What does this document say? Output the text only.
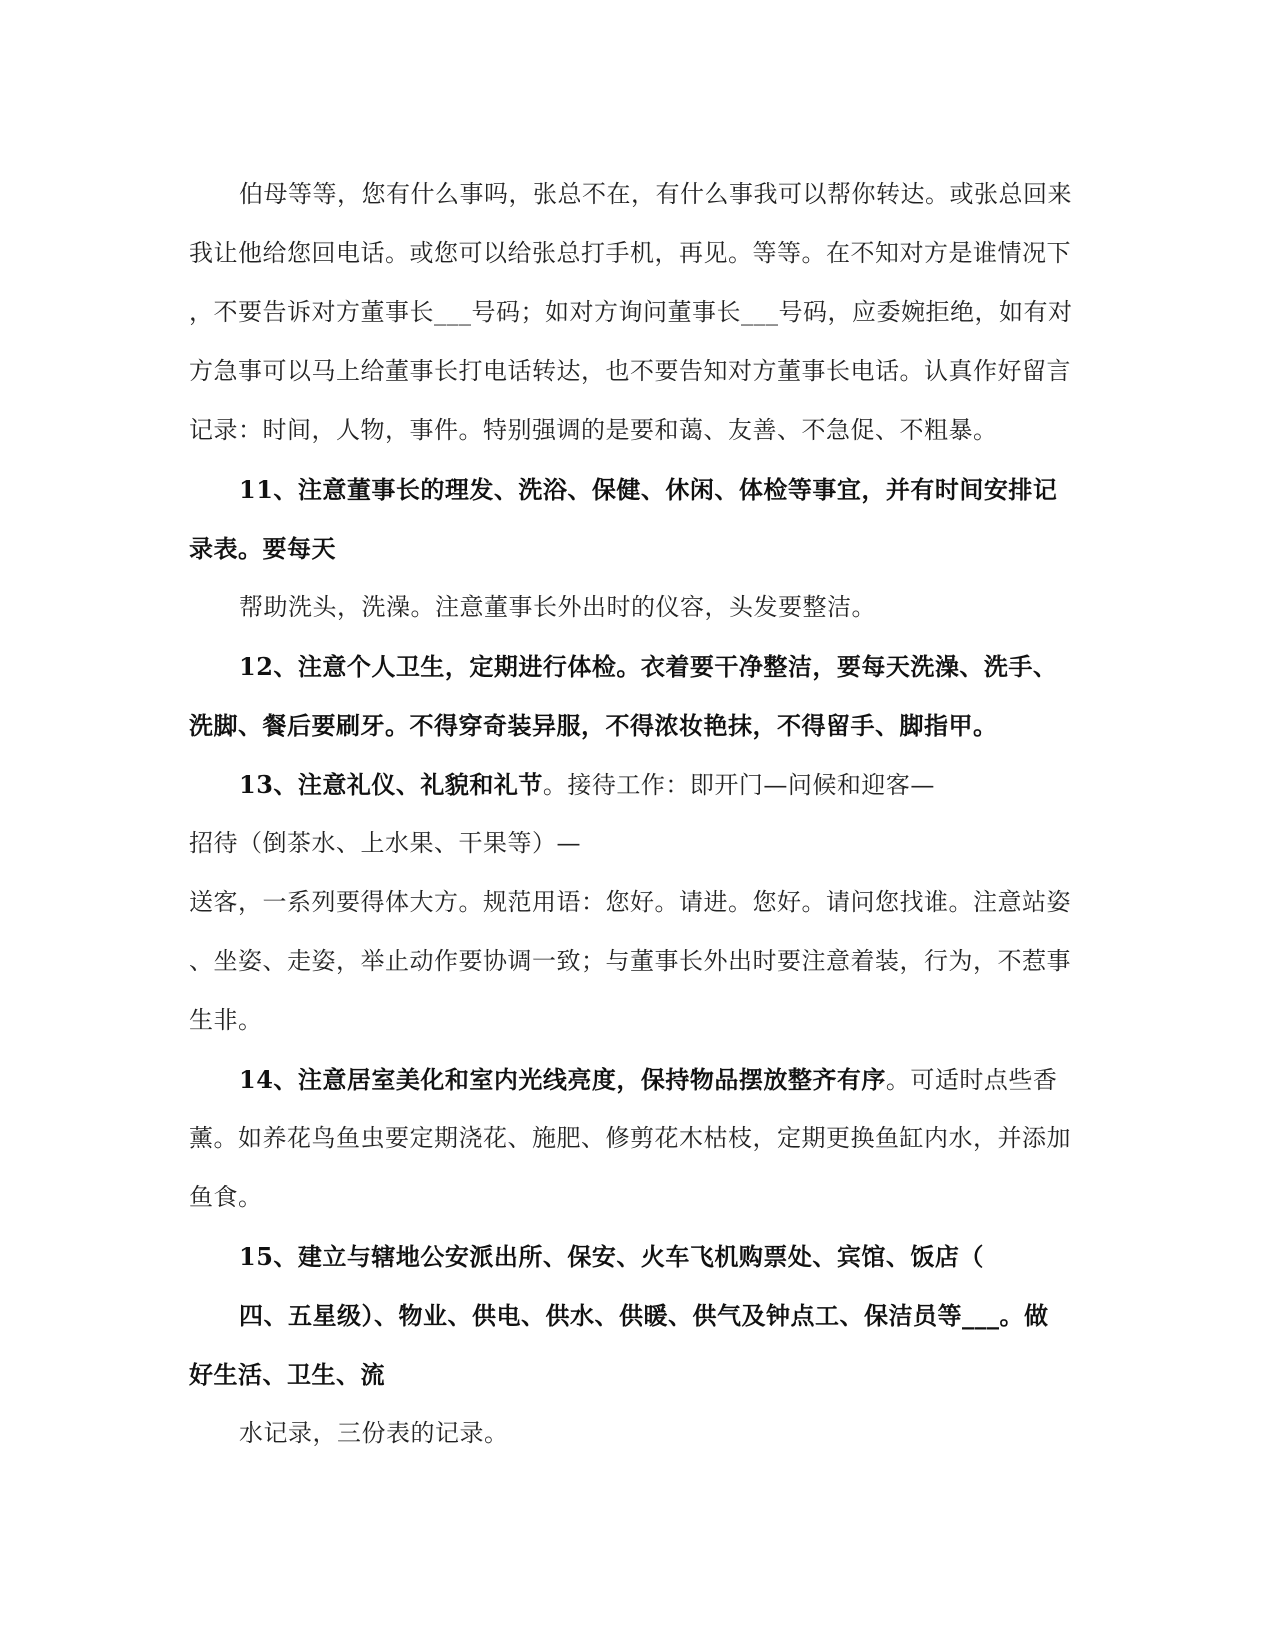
伯母等等，您有什么事吗，张总不在，有什么事我可以帮你转达。或张总回来
我让他给您回电话。或您可以给张总打手机，再见。等等。在不知对方是谁情况下
，不要告诉对方董事长___号码；如对方询问董事长___号码，应委婉拒绝，如有对
方急事可以马上给董事长打电话转达，也不要告知对方董事长电话。认真作好留言
记录：时间，人物，事件。特别强调的是要和蔼、友善、不急促、不粗暴。
11、注意董事长的理发、洗浴、保健、休闲、体检等事宜，并有时间安排记
录表。要每天
帮助洗头，洗澡。注意董事长外出时的仪容，头发要整洁。
12、注意个人卫生，定期进行体检。衣着要干净整洁，要每天洗澡、洗手、
洗脚、餐后要刷牙。不得穿奇装异服，不得浓妆艳抹，不得留手、脚指甲。
13、注意礼仪、礼貌和礼节。接待工作：即开门—问候和迎客—
招待（倒茶水、上水果、干果等）—
送客，一系列要得体大方。规范用语：您好。请进。您好。请问您找谁。注意站姿
、坐姿、走姿，举止动作要协调一致；与董事长外出时要注意着装，行为，不惹事
生非。
14、注意居室美化和室内光线亮度，保持物品摆放整齐有序。可适时点些香
薰。如养花鸟鱼虫要定期浇花、施肥、修剪花木枯枝，定期更换鱼缸内水，并添加
鱼食。
15、建立与辖地公安派出所、保安、火车飞机购票处、宾馆、饭店（
四、五星级）、物业、供电、供水、供暖、供气及钟点工、保洁员等___。做
好生活、卫生、流
水记录，三份表的记录。
